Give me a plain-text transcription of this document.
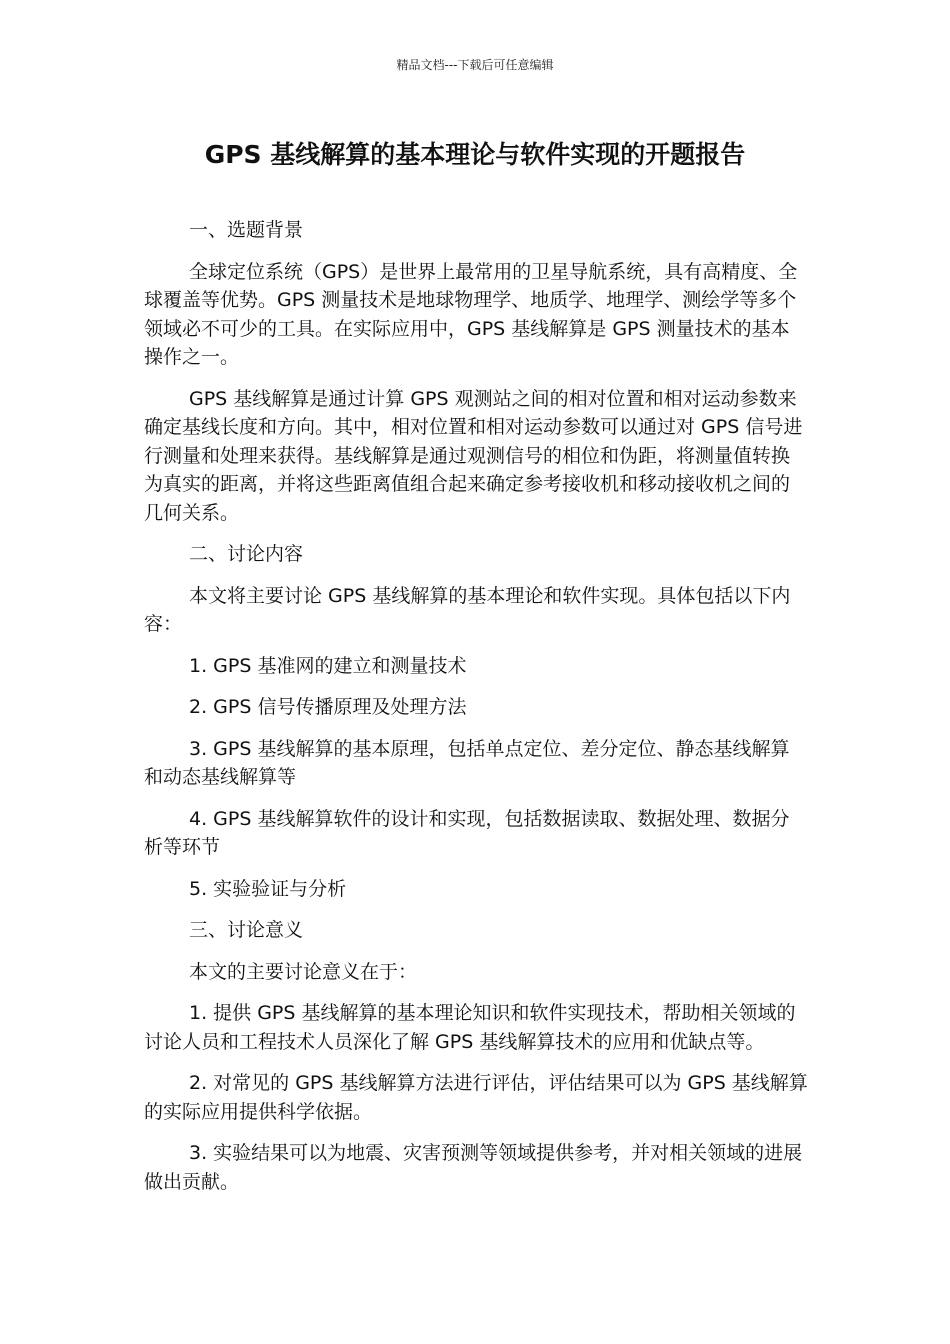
精品文档---下载后可任意编辑
GPS 基线解算的基本理论与软件实现的开题报告

一、选题背景

全球定位系统（GPS）是世界上最常用的卫星导航系统，具有高精度、全球覆盖等优势。GPS 测量技术是地球物理学、地质学、地理学、测绘学等多个领域必不可少的工具。在实际应用中，GPS 基线解算是 GPS 测量技术的基本操作之一。

GPS 基线解算是通过计算 GPS 观测站之间的相对位置和相对运动参数来确定基线长度和方向。其中，相对位置和相对运动参数可以通过对 GPS 信号进行测量和处理来获得。基线解算是通过观测信号的相位和伪距，将测量值转换为真实的距离，并将这些距离值组合起来确定参考接收机和移动接收机之间的几何关系。

二、讨论内容

本文将主要讨论 GPS 基线解算的基本理论和软件实现。具体包括以下内容：

1. GPS 基准网的建立和测量技术

2. GPS 信号传播原理及处理方法

3. GPS 基线解算的基本原理，包括单点定位、差分定位、静态基线解算和动态基线解算等

4. GPS 基线解算软件的设计和实现，包括数据读取、数据处理、数据分析等环节

5. 实验验证与分析

三、讨论意义

本文的主要讨论意义在于：

1. 提供 GPS 基线解算的基本理论知识和软件实现技术，帮助相关领域的讨论人员和工程技术人员深化了解 GPS 基线解算技术的应用和优缺点等。

2. 对常见的 GPS 基线解算方法进行评估，评估结果可以为 GPS 基线解算的实际应用提供科学依据。

3. 实验结果可以为地震、灾害预测等领域提供参考，并对相关领域的进展做出贡献。
